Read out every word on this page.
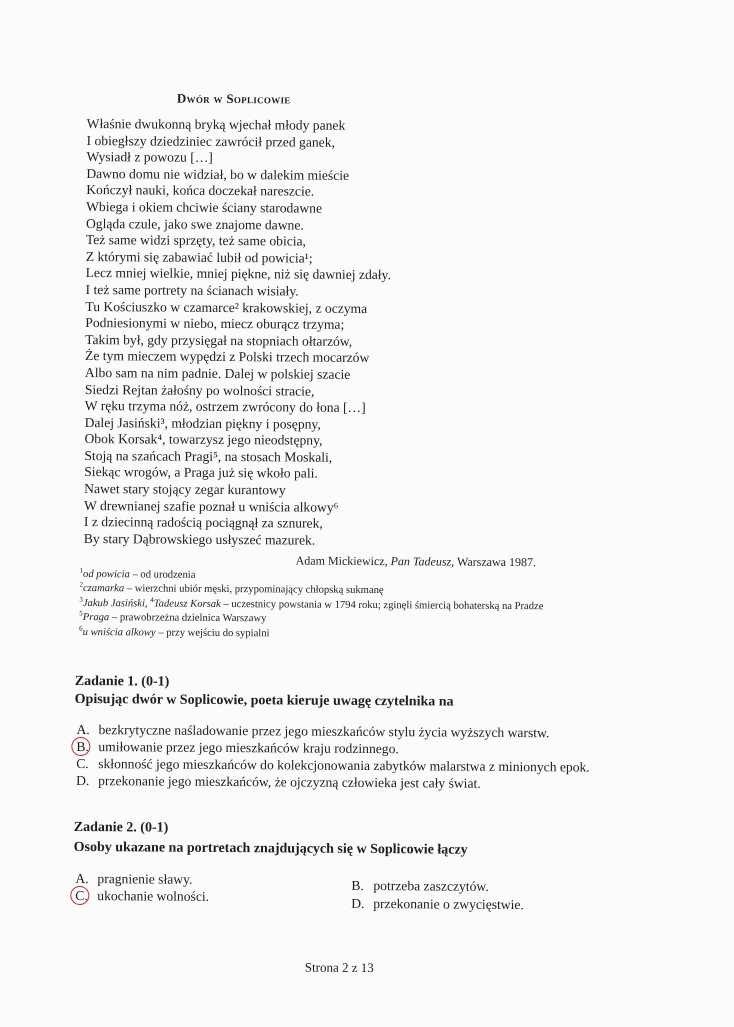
Dwór w Soplicowie
Właśnie dwukonną bryką wjechał młody panek
I obiegłszy dziedziniec zawrócił przed ganek,
Wysiadł z powozu […]
Dawno domu nie widział, bo w dalekim mieście
Kończył nauki, końca doczekał nareszcie.
Wbiega i okiem chciwie ściany starodawne
Ogląda czule, jako swe znajome dawne.
Też same widzi sprzęty, też same obicia,
Z którymi się zabawiać lubił od powicia¹;
Lecz mniej wielkie, mniej piękne, niż się dawniej zdały.
I też same portrety na ścianach wisiały.
Tu Kościuszko w czamarce² krakowskiej, z oczyma
Podniesionymi w niebo, miecz oburącz trzyma;
Takim był, gdy przysięgał na stopniach ołtarzów,
Że tym mieczem wypędzi z Polski trzech mocarzów
Albo sam na nim padnie. Dalej w polskiej szacie
Siedzi Rejtan żałośny po wolności stracie,
W ręku trzyma nóż, ostrzem zwrócony do łona […]
Dalej Jasiński³, młodzian piękny i posępny,
Obok Korsak⁴, towarzysz jego nieodstępny,
Stoją na szańcach Pragi⁵, na stosach Moskali,
Siekąc wrogów, a Praga już się wkoło pali.
Nawet stary stojący zegar kurantowy
W drewnianej szafie poznał u wniścia alkowy⁶
I z dziecinną radością pociągnął za sznurek,
By stary Dąbrowskiego usłyszeć mazurek.
Adam Mickiewicz, Pan Tadeusz, Warszawa 1987.
$^1$od powicia – od urodzenia
$^2$czamarka – wierzchni ubiór męski, przypominający chłopską sukmanę
$^3$Jakub Jasiński, $^4$Tadeusz Korsak – uczestnicy powstania w 1794 roku; zginęli śmiercią bohaterską na Pradze
$^5$Praga – prawobrzeżna dzielnica Warszawy
$^6$u wniścia alkowy – przy wejściu do sypialni
Zadanie 1. (0-1)
Opisując dwór w Soplicowie, poeta kieruje uwagę czytelnika na
A. bezkrytyczne naśladowanie przez jego mieszkańców stylu życia wyższych warstw.
B. umiłowanie przez jego mieszkańców kraju rodzinnego.
C. skłonność jego mieszkańców do kolekcjonowania zabytków malarstwa z minionych epok.
D. przekonanie jego mieszkańców, że ojczyzną człowieka jest cały świat.
Zadanie 2. (0-1)
Osoby ukazane na portretach znajdujących się w Soplicowie łączy
A. pragnienie sławy.
C. ukochanie wolności.
B. potrzeba zaszczytów.
D. przekonanie o zwycięstwie.
Strona 2 z 13
